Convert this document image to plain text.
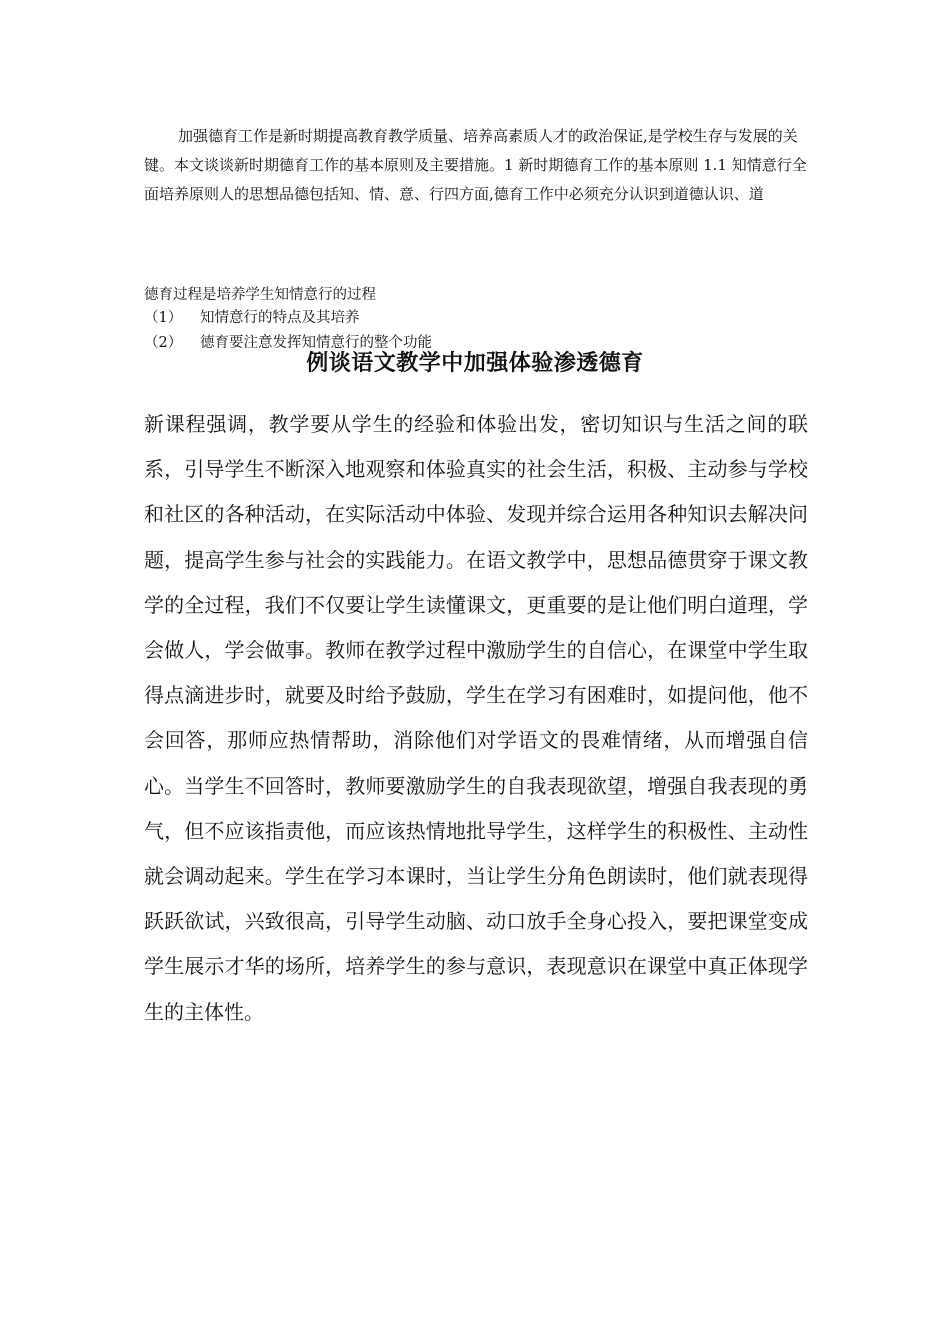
加强德育工作是新时期提高教育教学质量、培养高素质人才的政治保证,是学校生存与发展的关键。本文谈谈新时期德育工作的基本原则及主要措施。1 新时期德育工作的基本原则 1.1 知情意行全面培养原则人的思想品德包括知、情、意、行四方面,德育工作中必须充分认识到道德认识、道

德育过程是培养学生知情意行的过程

（1） 知情意行的特点及其培养

（2） 德育要注意发挥知情意行的整个功能

例谈语文教学中加强体验渗透德育

新课程强调，教学要从学生的经验和体验出发，密切知识与生活之间的联系，引导学生不断深入地观察和体验真实的社会生活，积极、主动参与学校和社区的各种活动，在实际活动中体验、发现并综合运用各种知识去解决问题，提高学生参与社会的实践能力。在语文教学中，思想品德贯穿于课文教学的全过程，我们不仅要让学生读懂课文，更重要的是让他们明白道理，学会做人，学会做事。教师在教学过程中激励学生的自信心，在课堂中学生取得点滴进步时，就要及时给予鼓励，学生在学习有困难时，如提问他，他不会回答，那师应热情帮助，消除他们对学语文的畏难情绪，从而增强自信心。当学生不回答时，教师要激励学生的自我表现欲望，增强自我表现的勇气，但不应该指责他，而应该热情地批导学生，这样学生的积极性、主动性就会调动起来。学生在学习本课时，当让学生分角色朗读时，他们就表现得跃跃欲试，兴致很高，引导学生动脑、动口放手全身心投入，要把课堂变成学生展示才华的场所，培养学生的参与意识，表现意识在课堂中真正体现学生的主体性。
